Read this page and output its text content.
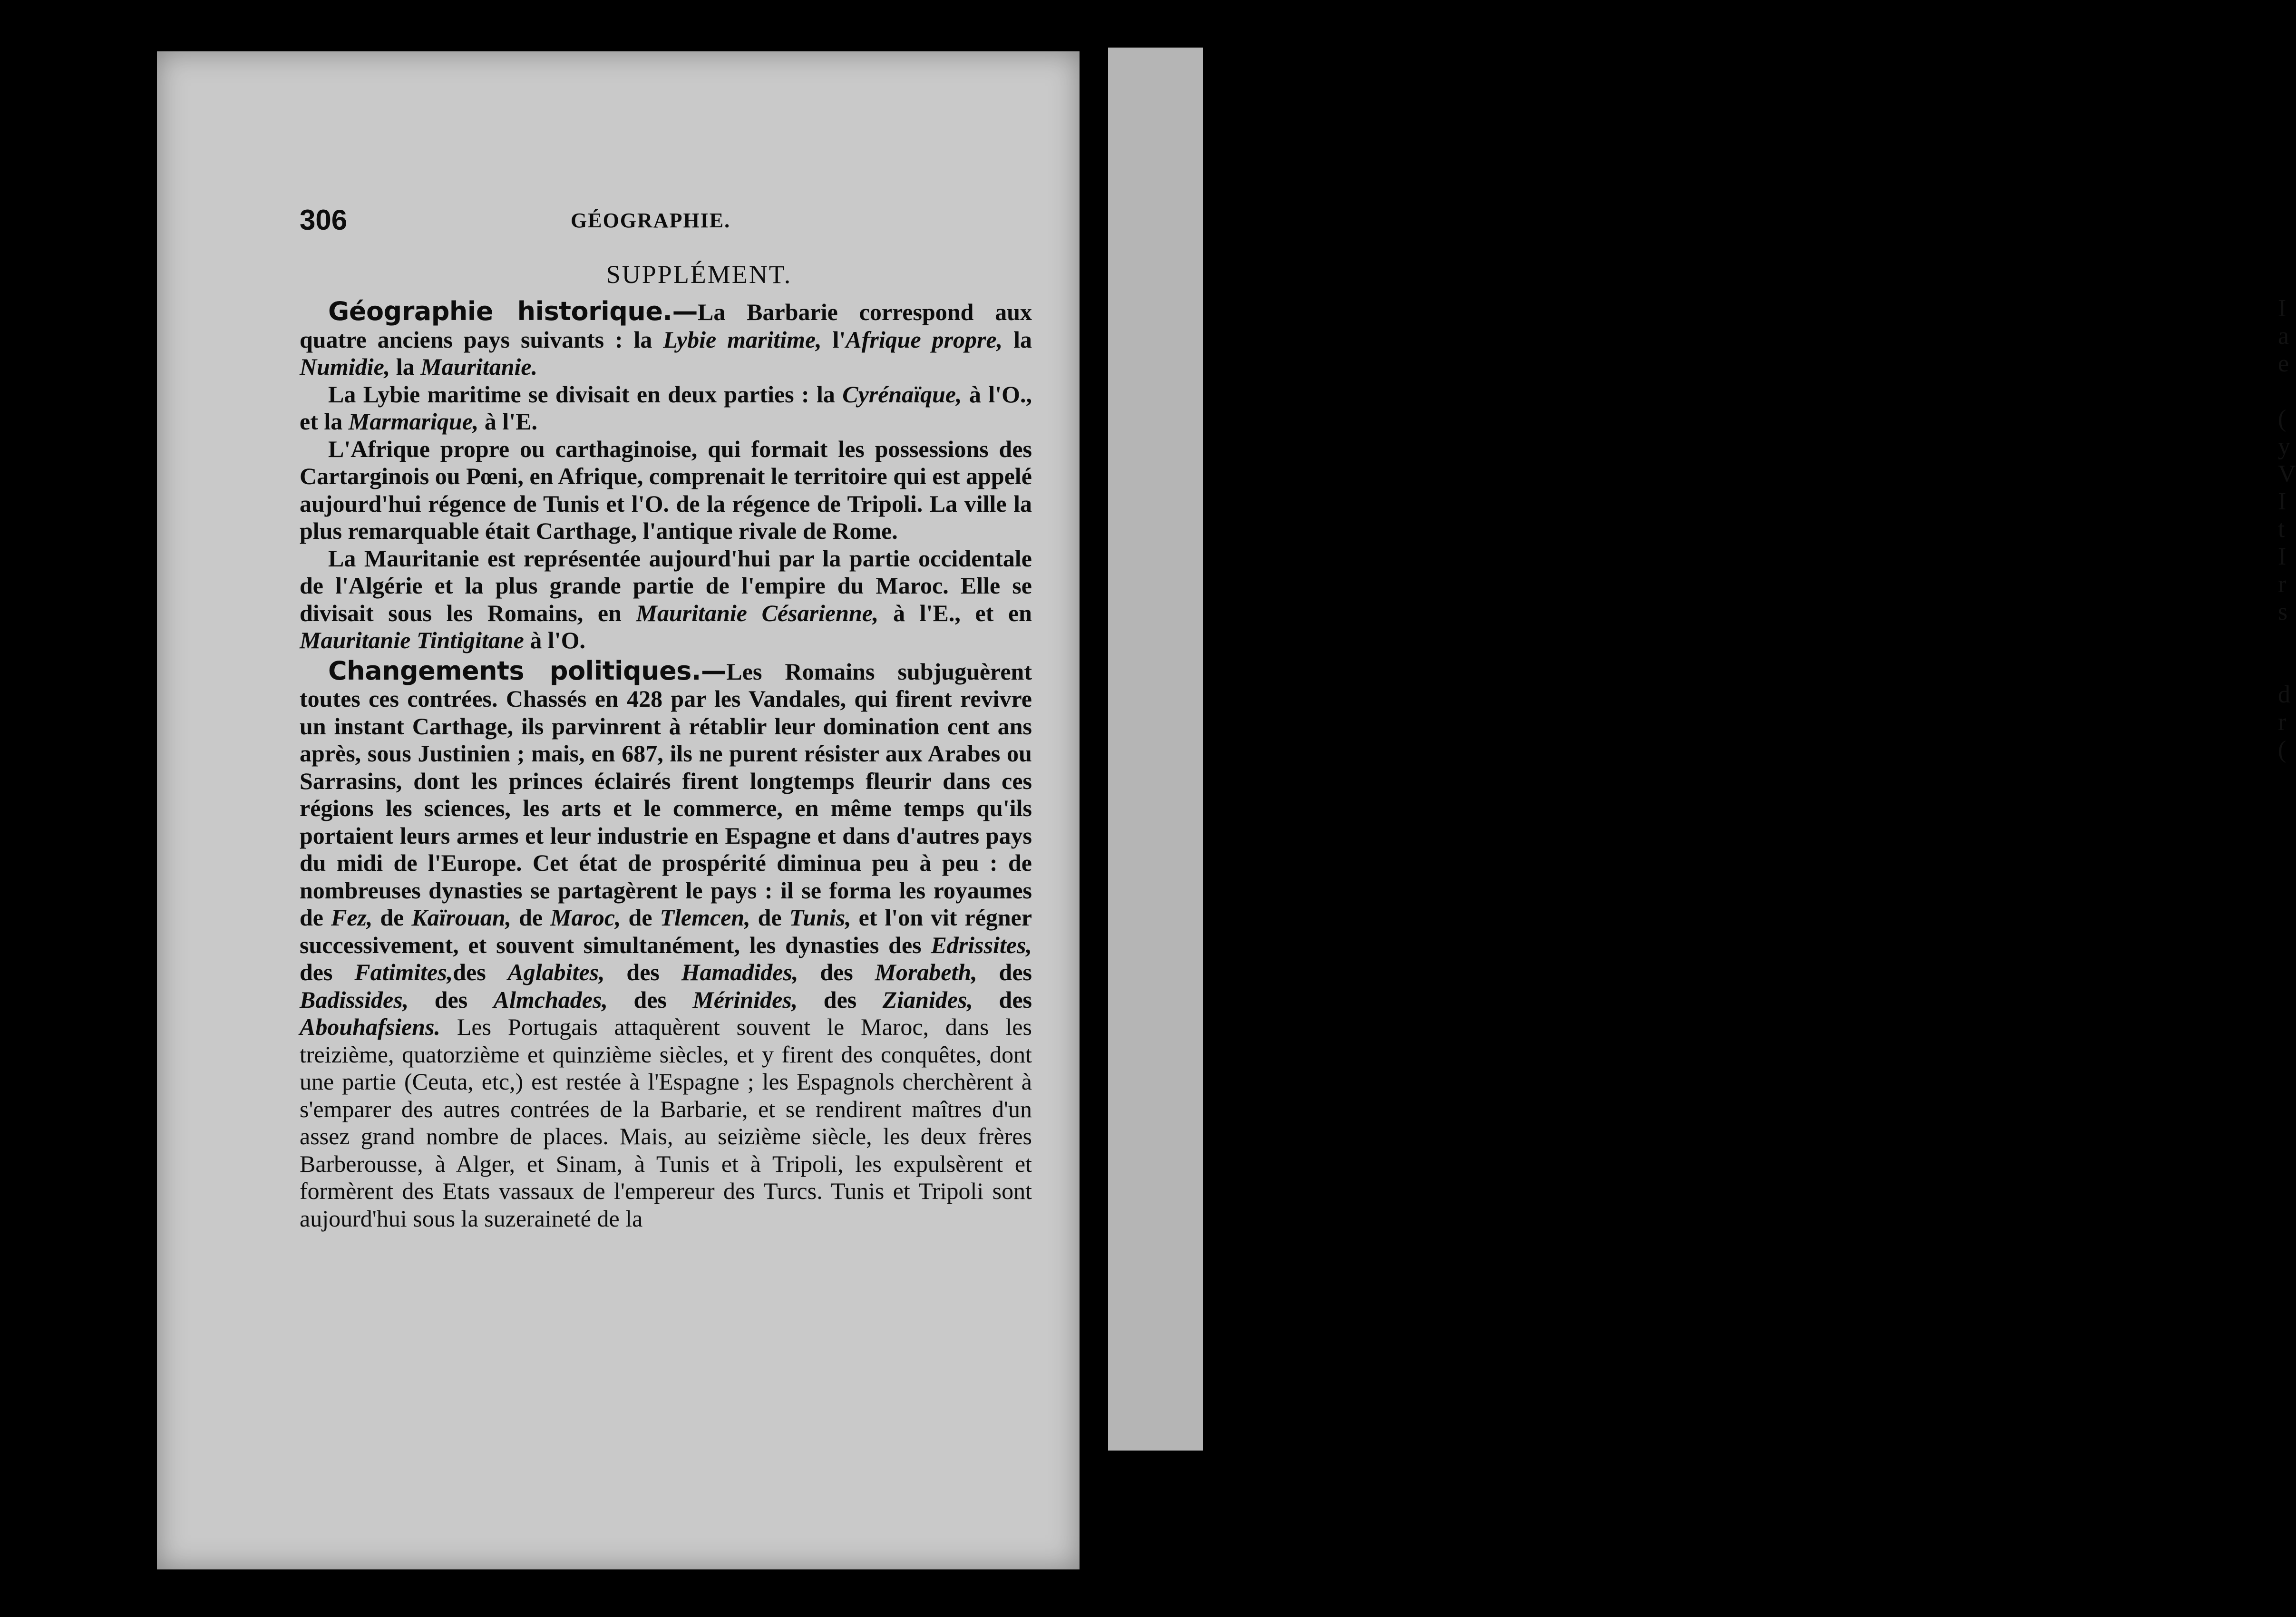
I
a
e

(
y
V
I
t
I
r
s

d
r
(
306	GÉOGRAPHIE.
SUPPLÉMENT.

Géographie historique.—La Barbarie correspond aux quatre anciens pays suivants : la Lybie maritime, l'Afrique propre, la Numidie, la Mauritanie.

La Lybie maritime se divisait en deux parties : la Cyrénaïque, à l'O., et la Marmarique, à l'E.

L'Afrique propre ou carthaginoise, qui formait les possessions des Cartarginois ou Pœni, en Afrique, comprenait le territoire qui est appelé aujourd'hui régence de Tunis et l'O. de la régence de Tripoli. La ville la plus remarquable était Carthage, l'antique rivale de Rome.

La Mauritanie est représentée aujourd'hui par la partie occidentale de l'Algérie et la plus grande partie de l'empire du Maroc. Elle se divisait sous les Romains, en Mauritanie Césarienne, à l'E., et en Mauritanie Tintigitane à l'O.

Changements politiques.—Les Romains subjuguèrent toutes ces contrées. Chassés en 428 par les Vandales, qui firent revivre un instant Carthage, ils parvinrent à rétablir leur domination cent ans après, sous Justinien ; mais, en 687, ils ne purent résister aux Arabes ou Sarrasins, dont les princes éclairés firent longtemps fleurir dans ces régions les sciences, les arts et le commerce, en même temps qu'ils portaient leurs armes et leur industrie en Espagne et dans d'autres pays du midi de l'Europe. Cet état de prospérité diminua peu à peu : de nombreuses dynasties se partagèrent le pays : il se forma les royaumes de Fez, de Kaïrouan, de Maroc, de Tlemcen, de Tunis, et l'on vit régner successivement, et souvent simultanément, les dynasties des Edrissites, des Fatimites,des Aglabites, des Hamadides, des Morabeth, des Badissides, des Almchades, des Mérinides, des Zianides, des Abouhafsiens. Les Portugais attaquèrent souvent le Maroc, dans les treizième, quatorzième et quinzième siècles, et y firent des conquêtes, dont une partie (Ceuta, etc,) est restée à l'Espagne ; les Espagnols cherchèrent à s'emparer des autres contrées de la Barbarie, et se rendirent maîtres d'un assez grand nombre de places. Mais, au seizième siècle, les deux frères Barberousse, à Alger, et Sinam, à Tunis et à Tripoli, les expulsèrent et formèrent des Etats vassaux de l'empereur des Turcs. Tunis et Tripoli sont aujourd'hui sous la suzeraineté de la
